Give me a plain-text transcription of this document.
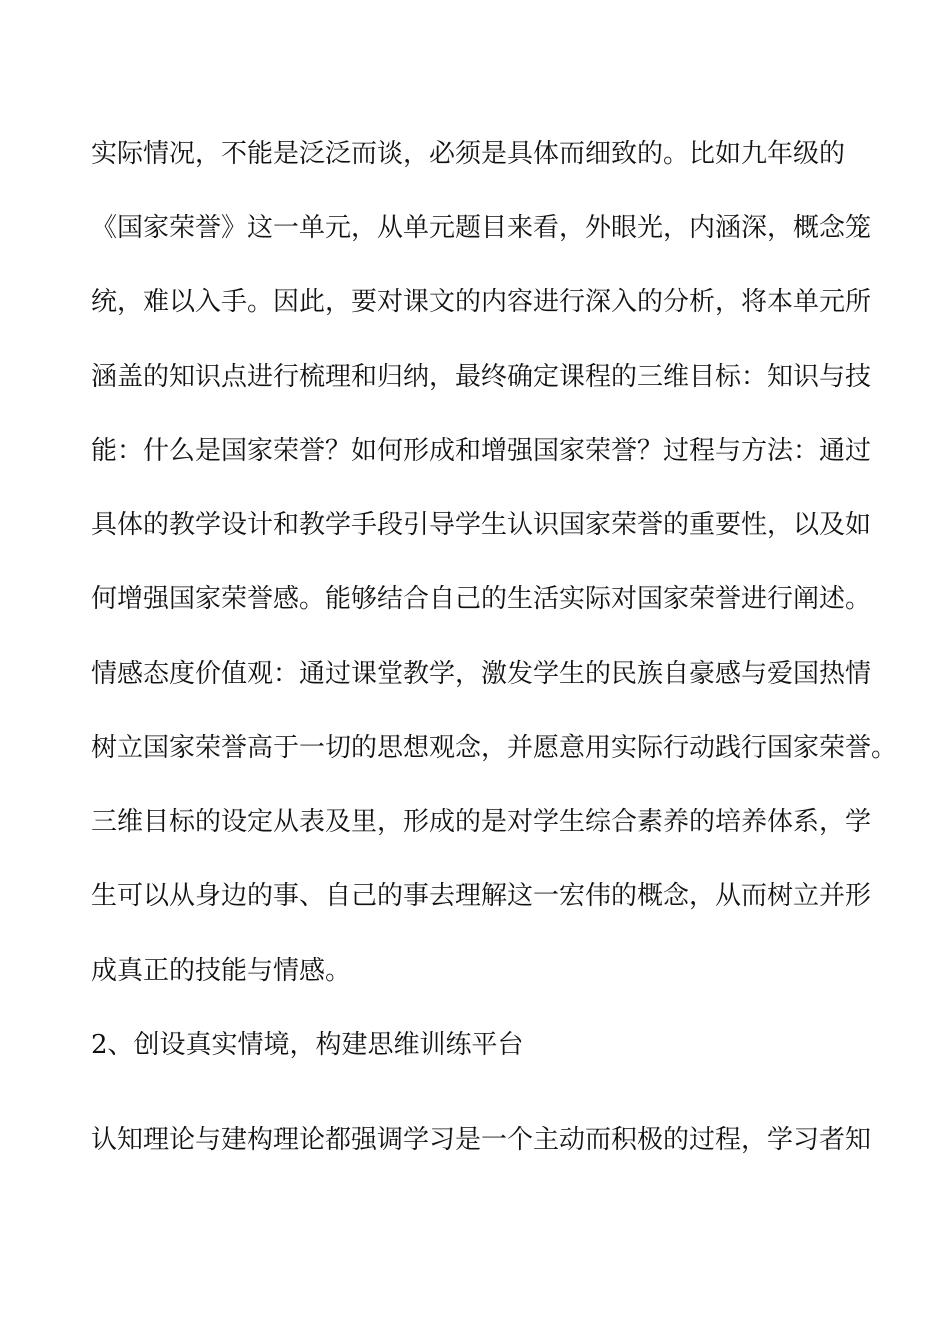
实际情况，不能是泛泛而谈，必须是具体而细致的。比如九年级的
《国家荣誉》这一单元，从单元题目来看，外眼光，内涵深，概念笼
统，难以入手。因此，要对课文的内容进行深入的分析，将本单元所
涵盖的知识点进行梳理和归纳，最终确定课程的三维目标：知识与技
能：什么是国家荣誉？如何形成和增强国家荣誉？过程与方法：通过
具体的教学设计和教学手段引导学生认识国家荣誉的重要性，以及如
何增强国家荣誉感。能够结合自己的生活实际对国家荣誉进行阐述。
情感态度价值观：通过课堂教学，激发学生的民族自豪感与爱国热情
树立国家荣誉高于一切的思想观念，并愿意用实际行动践行国家荣誉。
三维目标的设定从表及里，形成的是对学生综合素养的培养体系，学
生可以从身边的事、自己的事去理解这一宏伟的概念，从而树立并形
成真正的技能与情感。
2、创设真实情境，构建思维训练平台
认知理论与建构理论都强调学习是一个主动而积极的过程，学习者知
